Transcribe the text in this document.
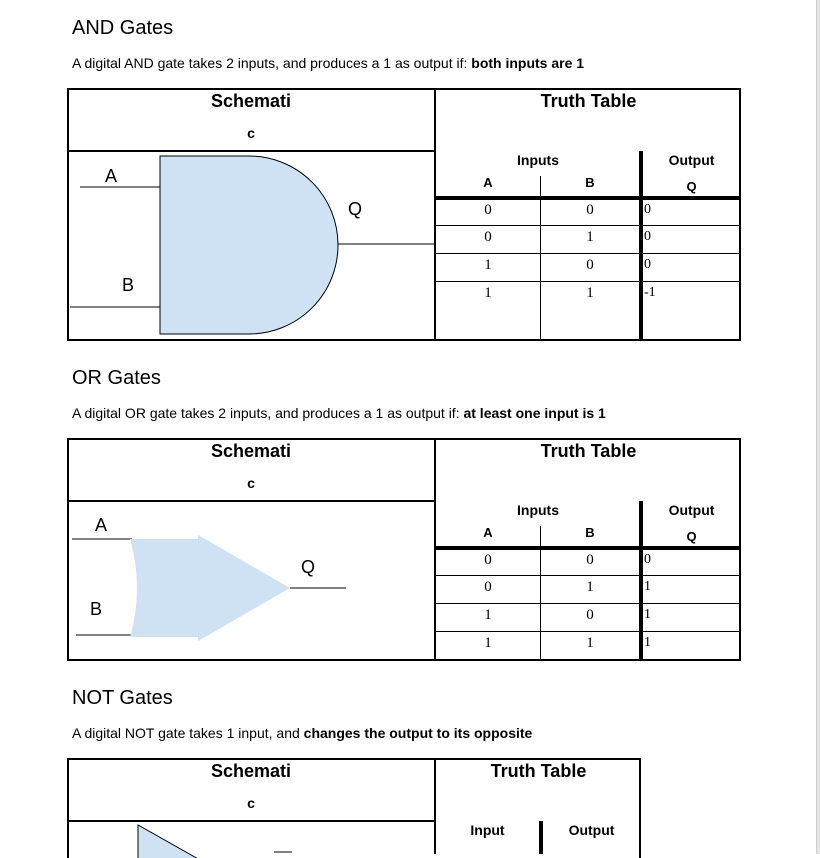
AND Gates

A digital AND gate takes 2 inputs, and produces a 1 as output if: both inputs are 1

Schemati
c
Truth Table
A
B
Q
Inputs	Output
A	B	Q
0	0	0
0	1	0
1	0	0
1	1	-1
OR Gates

A digital OR gate takes 2 inputs, and produces a 1 as output if: at least one input is 1

Schemati
c
Truth Table
A
B
Q
Inputs	Output
A	B	Q
0	0	0
0	1	1
1	0	1
1	1	1
NOT Gates

A digital NOT gate takes 1 input, and changes the output to its opposite

Schemati
c
Truth Table
Input	Output
